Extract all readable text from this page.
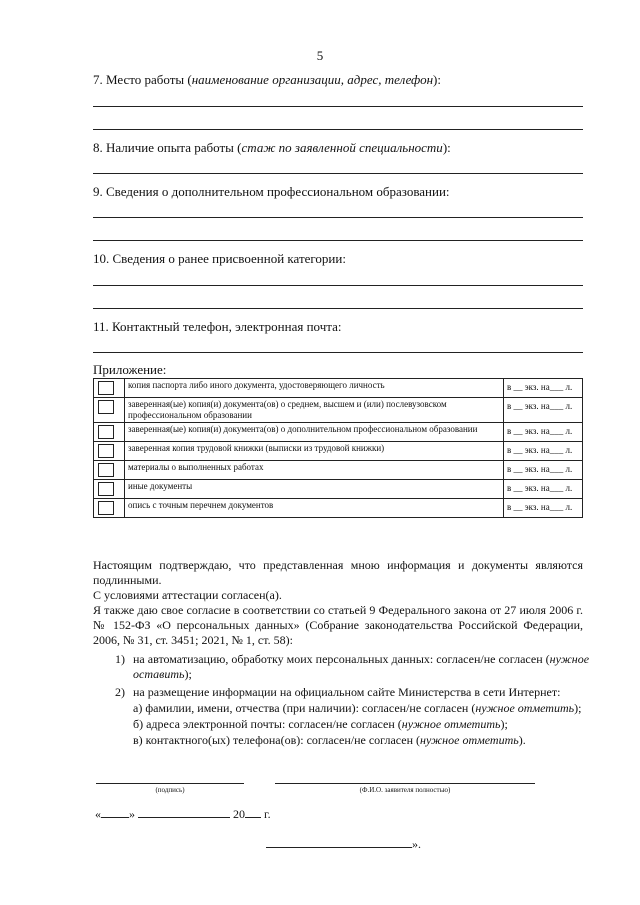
5
7. Место работы (наименование организации, адрес, телефон):
8. Наличие опыта работы (стаж по заявленной специальности):
9. Сведения о дополнительном профессиональном образовании:
10. Сведения о ранее присвоенной категории:
11. Контактный телефон, электронная почта:
Приложение:
	копия паспорта либо иного документа, удостоверяющего личность	в __ экз. на___ л.

	заверенная(ые) копия(и) документа(ов) о среднем, высшем и (или) послевузовском профессиональном образовании	в __ экз. на___ л.

	заверенная(ые) копия(и) документа(ов) о дополнительном профессиональном образовании	в __ экз. на___ л.

	заверенная копия трудовой книжки (выписки из трудовой книжки)	в __ экз. на___ л.

	материалы о выполненных работах	в __ экз. на___ л.

	иные документы	в __ экз. на___ л.

	опись с точным перечнем документов	в __ экз. на___ л.
Настоящим подтверждаю, что представленная мною информация и документы являются подлинными.
С условиями аттестации согласен(а).
Я также даю свое согласие в соответствии со статьей 9 Федерального закона от 27 июля 2006 г. № 152-ФЗ «О персональных данных» (Собрание законодательства Российской Федерации, 2006, № 31, ст. 3451; 2021, № 1, ст. 58):
1) на автоматизацию, обработку моих персональных данных: согласен/не согласен (нужное оставить);
2) на размещение информации на официальном сайте Министерства в сети Интернет:
а) фамилии, имени, отчества (при наличии): согласен/не согласен (нужное отметить);
б) адреса электронной почты: согласен/не согласен (нужное отметить);
в) контактного(ых) телефона(ов): согласен/не согласен (нужное отметить).
(подпись)	(Ф.И.О. заявителя полностью)
« »	20 г.
».
